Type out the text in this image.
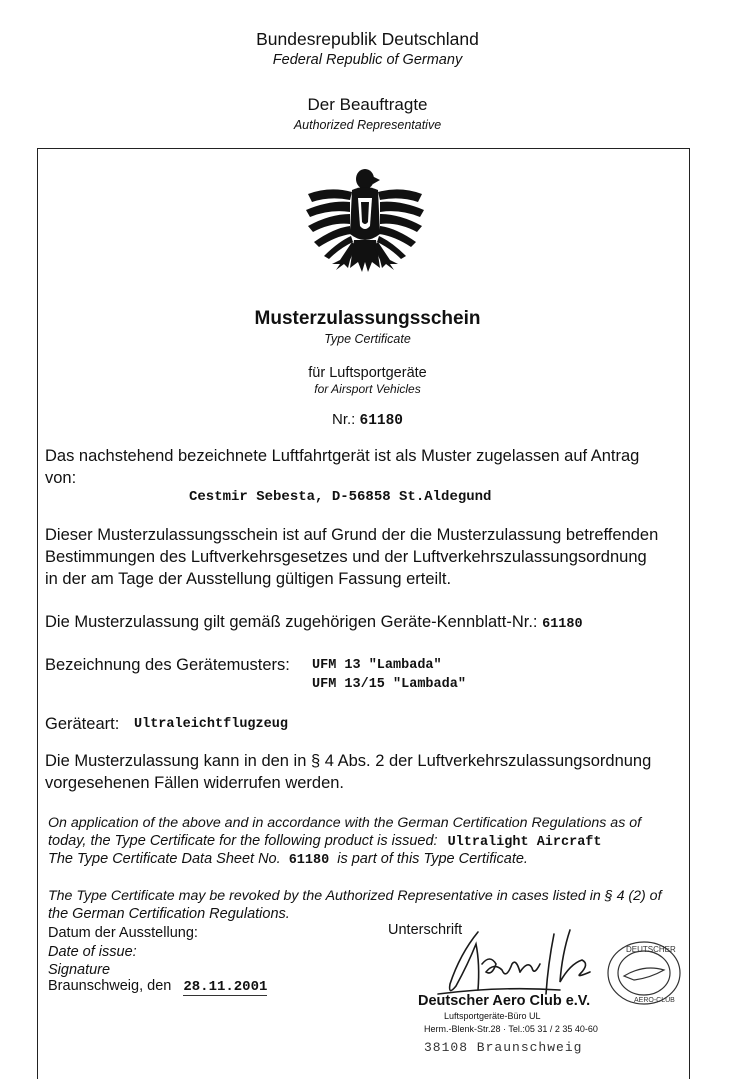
Bundesrepublik Deutschland
Federal Republic of Germany
Der Beauftragte
Authorized Representative
Musterzulassungsschein
Type Certificate
für Luftsportgeräte
for Airsport Vehicles
Nr.: 61180
Das nachstehend bezeichnete Luftfahrtgerät ist als Muster zugelassen auf Antrag
von:
Cestmir Sebesta, D-56858 St.Aldegund
Dieser Musterzulassungsschein ist auf Grund der die Musterzulassung betreffenden
Bestimmungen des Luftverkehrsgesetzes und der Luftverkehrszulassungsordnung
in der am Tage der Ausstellung gültigen Fassung erteilt.
Die Musterzulassung gilt gemäß zugehörigen Geräte-Kennblatt-Nr.: 61180
Bezeichnung des Gerätemusters: UFM 13 "Lambada"
UFM 13/15 "Lambada"
Geräteart: Ultraleichtflugzeug
Die Musterzulassung kann in den in § 4 Abs. 2 der Luftverkehrszulassungsordnung
vorgesehenen Fällen widerrufen werden.
On application of the above and in accordance with the German Certification Regulations as of
today, the Type Certificate for the following product is issued: Ultralight Aircraft
The Type Certificate Data Sheet No. 61180 is part of this Type Certificate.
The Type Certificate may be revoked by the Authorized Representative in cases listed in § 4 (2) of
the German Certification Regulations.
Datum der Ausstellung:
Date of issue:
Signature
Braunschweig, den 28.11.2001
Unterschrift
DEUTSCHER
AERO-CLUB
Deutscher Aero Club e.V.
Luftsportgeräte-Büro UL
Herm.-Blenk-Str.28 · Tel.:05 31 / 2 35 40-60
38108 Braunschweig
